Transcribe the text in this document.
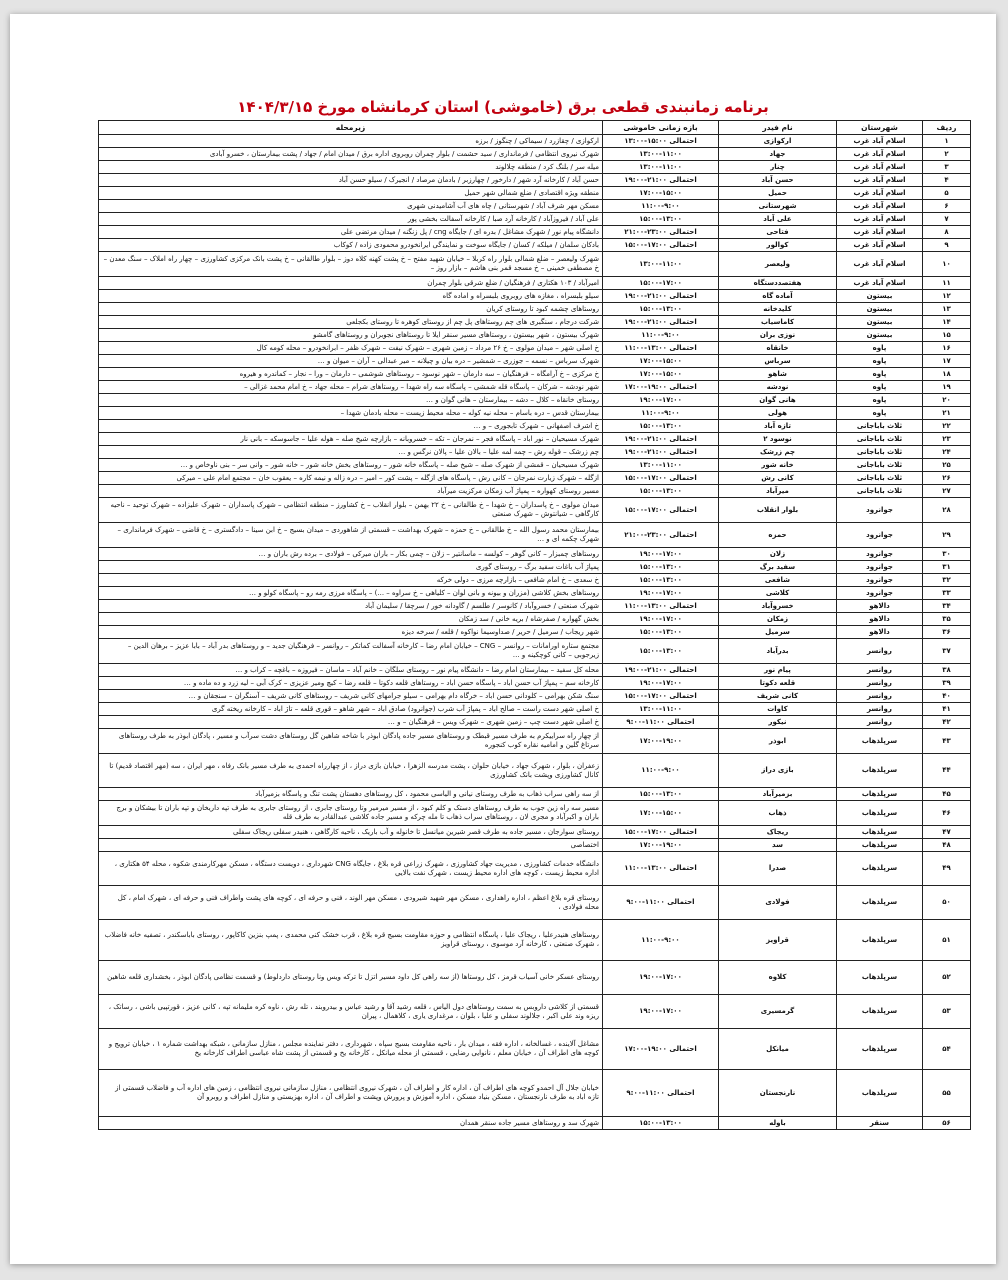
برنامه زمانبندی قطعی برق (خاموشی) استان کرمانشاه مورخ ۱۴۰۴/۳/۱۵
ردیف	شهرستان	نام فیدر	بازه زمانی خاموشی	زیرمحله
۱	اسلام آباد غرب	ارکوازی	احتمالی ۱۵:۰۰-۱۳:۰۰	ارکوازی / چقازرد / سیماکی / چنگوز / برزه
۲	اسلام آباد غرب	جهاد	۱۳:۰۰-۱۱:۰۰	شهرک نیروی انتظامی / فرمانداری / سید حشمت / بلوار چمران روبروی اداره برق / میدان امام / جهاد / پشت بیمارستان ، خسرو آبادی
۳	اسلام آباد غرب	چنار	۱۳:۰۰-۱۱:۰۰	میله سر / بلنگ کرد / منطقه چلالوند
۴	اسلام آباد غرب	حسن آباد	احتمالی ۲۱:۰۰-۱۹:۰۰	حسن آباد / کارخانه آرد شهر / دارخور / چهارزبر / بادمان مرصاد / انجیرک / سیلو حسن آباد
۵	اسلام آباد غرب	حمیل	۱۷:۰۰-۱۵:۰۰	منطقه ویژه اقتصادی / ضلع شمالی شهر حمیل
۶	اسلام آباد غرب	شهرستانی	۱۱:۰۰-۹:۰۰	مسکن مهر شرف آباد / شهرستانی / چاه های آب آشامیدنی شهری
۷	اسلام آباد غرب	علی آباد	۱۵:۰۰-۱۳:۰۰	علی آباد / فیروزآباد / کارخانه آرد صبا / کارخانه آسفالت بخشی پور
۸	اسلام آباد غرب	فتاحی	احتمالی ۲۳:۰۰-۲۱:۰۰	دانشگاه پیام نور / شهرک مشاغل / بدره ای / جایگاه cng / پل زنگنه / میدان مرتضی علی
۹	اسلام آباد غرب	کوالور	احتمالی ۱۷:۰۰-۱۵:۰۰	بادکان سلمان / میلکه / کسان / جایگاه سوخت و نمایندگی ایرانخودرو محمودی زاده / کوکاب
۱۰	اسلام آباد غرب	ولیعصر	۱۳:۰۰-۱۱:۰۰	شهرک ولیعصر – ضلع شمالی بلوار راه کربلا – خیابان شهید مفتح – خ پشت کهنه کلاه دوز – بلوار طالقانی – خ پشت بانک مرکزی کشاورزی – چهار راه املاک – سنگ معدن – خ مصطفی خمینی – خ مسجد قمر بنی هاشم – بازار روز –
۱۱	اسلام آباد غرب	هفتصددستگاه	۱۵:۰۰-۱۷:۰۰	امیرآباد / ۱۰۳ هکتاری / فرهنگیان / ضلع شرقی بلوار چمران
۱۲	بیستون	آماده گاه	احتمالی ۲۱:۰۰-۱۹:۰۰	سیلو بلبسراه ، مغازه های روبروی بلبسراه و اماده گاه
۱۳	بیستون	کلیدخانه	۱۵:۰۰-۱۳:۰۰	روستاهای چشمه کبود تا روستای کریان
۱۴	بیستون	کاماسیاب	احتمالی ۲۱:۰۰-۱۹:۰۰	شرکت درجام ، سنگبری های چم روستاهای پل چم از روستای کوهره تا روستای بکجلعی
۱۵	بیستون	نوزی بران	۱۱:۰۰-۹:۰۰	شهرک بیستون ، شهر بیستون ، روستاهای مسیر سنقر ایلا تا روستاهای نجوبران و روستاهای گامشو
۱۶	پاوه	خانقاه	احتمالی ۱۳:۰۰-۱۱:۰۰	خ اصلی شهر – میدان مولوی – خ ۲۶ مرداد – زمین شهری – شهرک نیفت – شهرک ظفر – ابرانخودرو – محله کومه کال
۱۷	پاوه	سرباس	۱۷:۰۰-۱۵:۰۰	شهرک سرباس – نسمه – جوزری – شمشیر – دره بیان و چیلانه – میر عبدالی – آران – میوان و …
۱۸	پاوه	شاهو	۱۷:۰۰-۱۵:۰۰	خ مرکزی – خ آرامگاه – فرهنگیان – سه دارمان – شهر نوسود – روستاهای شوشمی – دارمان – ورا – نجار – کماندره و هیروه
۱۹	پاوه	نودشه	احتمالی ۱۹:۰۰-۱۷:۰۰	شهر نودشه – شرکان – پاسگاه قله شمشی – پاسگاه سه راه شهدا – روستاهای شرام – محله جهاد – خ امام محمد غزالی –
۲۰	پاوه	هانی گوان	۱۹:۰۰-۱۷:۰۰	روستای خانقاه – کلال – دشه – بیمارستان – هانی گوان و …
۲۱	پاوه	هولی	۱۱:۰۰-۹:۰۰	بیمارستان قدس – دره باسام – محله نیه کوله – محله محیط زیست – محله بادمان شهدا –
۲۲	ثلاث باباجانی	تازه آباد	۱۵:۰۰-۱۳:۰۰	خ اشرف اصفهانی – شهرک تابجوری – و …
۲۳	ثلاث باباجانی	نوسود ۲	احتمالی ۲۱:۰۰-۱۹:۰۰	شهرک مسیحیان – نور اباد – پاسگاه فجر – نمرجان – تکه – خسروبانه – بازارچه شیخ صله – هوله علیا – جاسوسکه – بانی نار
۲۴	ثلاث باباجانی	چم زرشک	احتمالی ۲۱:۰۰-۱۹:۰۰	چم زرشک – قوله رش – چمه لمه علیا – بالان علیا – پالان نرگس و …
۲۵	ثلاث باباجانی	خانه شور	۱۳:۰۰-۱۱:۰۰	شهرک مسیحیان – قمشی از شهرک صله – شیخ صله – پاسگاه خانه شور – روستاهای بخش خانه شور – خانه شور – وانی سر – بنی ناوخاص و …
۲۶	ثلاث باباجانی	کانی رش	احتمالی ۱۷:۰۰-۱۵:۰۰	ازگله – شهرک زیارت نمرجان – کانی رش – پاسگاه های ازگله – پشت کور – امیر – دره زاله و نیمه کاره – یعقوب خان – مجتمع امام علی – میرکی
۲۷	ثلاث باباجانی	میرآباد	۱۵:۰۰-۱۳:۰۰	مسیر روستای کهواره – پمپاژ آب زمکان مرکزیت میرآباد
۲۸	جوانرود	بلوار انقلاب	احتمالی ۱۷:۰۰-۱۵:۰۰	میدان مولوی – خ پاسداران – خ شهدا – خ طالقانی – خ ۲۲ بهمن – بلوار انقلاب – خ کشاورز – منطقه انتظامی – شهرک پاسداران – شهرک علیزاده – شهرک توحید – ناحیه کارگاهی – شیانتوش – شهرک صنعتی
۲۹	جوانرود	حمزه	احتمالی ۲۳:۰۰-۲۱:۰۰	بیمارستان محمد رسول الله – خ طالقانی – خ حمزه – شهرک بهداشت – قسمتی از شاهوردی – میدان بسیج – خ ابن سینا – دادگستری – خ قاضی – شهرک فرمانداری – شهرک چکمه ای و …
۳۰	جوانرود	زلان	۱۹:۰۰-۱۷:۰۰	روستاهای چمبزار – کانی گوهر – کولسه – ماسانتیر – زلان – چمی بکار – باران میرکی – فولادی – برده رش باران و …
۳۱	جوانرود	سفید برگ	۱۵:۰۰-۱۳:۰۰	پمپاژ آب باغات سفید برگ – روستای گوری
۳۲	جوانرود	شافعی	۱۵:۰۰-۱۳:۰۰	خ سعدی – خ امام شافعی – بازارچه مرزی – دولی خرکه
۳۳	جوانرود	کلاشی	۱۹:۰۰-۱۷:۰۰	روستاهای بخش کلاشی (مزران و بیونه و بانی لوان – کلیاهی – خ سراوه – ...) – پاسگاه مرزی رمه رو – پاسگاه کولو و …
۳۴	دالاهو	خسروآباد	احتمالی ۱۳:۰۰-۱۱:۰۰	شهرک صنعتی / خسروآباد / کانوسر / طلسم / گاودانه خور / سرچقا / سلیمان آباد
۳۵	دالاهو	زمکان	۱۹:۰۰-۱۷:۰۰	بخش گهواره / صفرشاه / بریه خانی / سد زمکان
۳۶	دالاهو	سرمیل	۱۵:۰۰-۱۳:۰۰	شهر ریجاب / سرمیل / حریر / صداوسیما نواکوه / قلعه / سرخه دیزه
۳۷	روانسر	بدرآباد	۱۵:۰۰-۱۳:۰۰	مجتمع ستاره اورامانات – روانسر – CNG – خیابان امام رضا – کارخانه آسفالت کماتکر – روانسر – فرهنگیان جدید – و روستاهای بدر آباد – بابا عزیز – برهان الدین – زیرجوبی – کانی کوچکینه و …
۳۸	روانسر	پیام نور	احتمالی ۲۱:۰۰-۱۹:۰۰	محله کل سفید – بیمارستان امام رضا – دانشگاه پیام نور – روستای سلگان – خانم آباد – ماسان – فیروزه – باغچه – کراب و …
۳۹	روانسر	قلعه دکوتا	۱۹:۰۰-۱۷:۰۰	کارخانه سم – پمپاژ آب حسن اباد – پاسگاه حسن اباد – روستاهای قلعه دکوتا – قلعه رضا – کیچ ومیر عزیزی – کرک آبی – لیه زرد و ده ماده و …
۴۰	روانسر	کانی شریف	احتمالی ۱۷:۰۰-۱۵:۰۰	سنگ شکن بهرامی – کلودانی حسن اباد – خرگاه دام بهرامی – سیلو جرامهای کانی شریف – روستاهای کانی شریف – آسنگران – سنجقان و …
۴۱	روانسر	کاوات	۱۳:۰۰-۱۱:۰۰	خ اصلی شهر دست راست – صالح اباد – پمپاژ آب شرب (جوانرود) صادق اباد – شهر شاهو – قوری قلعه – تاژ اباد – کارخانه ریخته گری
۴۲	روانسر	نیکور	احتمالی ۱۱:۰۰-۹:۰۰	خ اصلی شهر دست چپ – زمین شهری – شهرک ویس – فرهنگیان – و …
۴۳	سرپلذهاب	ابوذر	۱۷:۰۰-۱۹:۰۰	از چهار راه سراییکرم به طرف مسیر قبطک و روستاهای مسیر جاده پادگان ابوذر با شاخه شاهین گل روستاهای دشت سرآب و مسیر ، پادگان ابوذر به طرف روستاهای سرتاغ گلین و امامیه نقاره کوب کنجوره
۴۴	سرپلذهاب	بازی دراز	۱۱:۰۰-۹:۰۰	زعفران ، بلوار ، شهرک جهاد ، خیابان حلوان ، پشت مدرسه الزهرا ، خیابان بازی دراز ، از چهارراه احمدی به طرف مسیر بانک رفاه ، مهر ایران ، سه (مهر اقتصاد قدیم) تا کانال کشاورزی وپشت بانک کشاورزی
۴۵	سرپلذهاب	بزمیرآباد	۱۵:۰۰-۱۳:۰۰	از سه راهی سراب ذهاب به طرف روستای نیانی و الیاسی محمود ، کل روستاهای دهستان پشت تنگ و پاسگاه بزمیرآباد
۴۶	سرپلذهاب	ذهاب	۱۷:۰۰-۱۵:۰۰	مسیر سه راه زین جوب به طرف روستاهای دستک و کلم کبود ، از مسیر میرمیر وتا روستای جابری ، از روستای جابری به طرف تپه داریخان و تپه باران تا بیشکان و برج باران و اکبرآباد و مجری لان ، روستاهای سراب ذهاب تا مله چرکه و مسیر جاده کلاشی عبدالقادر به طرف قله
۴۷	سرپلذهاب	ریجاک	احتمالی ۱۷:۰۰-۱۵:۰۰	روستای سوارجان ، مسیر جاده به طرف قصر شیرین میانسل تا خانوله و آب باریک ، ناحیه کارگاهی ، هنیدر سفلی ریجاک سفلی
۴۸	سرپلذهاب	سد	۱۷:۰۰-۱۹:۰۰	اختصاصی
۴۹	سرپلذهاب	صدرا	احتمالی ۱۳:۰۰-۱۱:۰۰	دانشگاه خدمات کشاورزی ، مدیریت جهاد کشاورزی ، شهرک زراعی قره بلاغ ، جایگاه CNG شهرداری ، دویست دستگاه ، مسکن مهرکارمندی شکوه ، محله ۵۴ هکتاری ، اداره محیط زیست ، کوچه های اداره محیط زیست ، شهرک نفت بالایی
۵۰	سرپلذهاب	فولادی	احتمالی ۱۱:۰۰-۹:۰۰	روستای قره بلاغ اعظم ، اداره راهداری ، مسکن مهر شهید شیرودی ، مسکن مهر الوند ، فنی و حرفه ای ، کوچه های پشت واطراف فنی و حرفه ای ، شهرک امام ، کل محله فولادی ،
۵۱	سرپلذهاب	قراویز	۱۱:۰۰-۹:۰۰	روستاهای هنیدرعلیا ، ریجاک علیا ، پاسگاه انتظامی و حوزه مقاومت بسیج قره بلاغ ، قرب خشک کنی محمدی ، پمپ بنزین کاکاپور ، روستای باباسکندر ، تصفیه خانه فاضلاب ، شهرک صنعتی ، کارخانه آرد موسوی ، روستای قراویز
۵۲	سرپلذهاب	کلاوه	۱۹:۰۰-۱۷:۰۰	روستای عسکر خانی آسیاب قرمز ، کل روستاها (از سه راهی کل داود مسیر اتزل تا ترکه ویس ونا روستای داردلوط) و قسمت نظامی پادگان ابوذر ، بخشداری قلعه شاهین
۵۳	سرپلذهاب	گرمسیری	۱۹:۰۰-۱۷:۰۰	قسمتی از کلاشی داروبس به سمت روستاهای دول الیاس ، قلعه رشید آقا و رشید عباس و بیدروبند ، تله رش ، ناوه کره ملیمانه تپه ، کانی عزیز ، قورتپیی باشی ، رساتک ، ریزه وند علی اکبر ، جلالوند سفلی و علیا ، بلوان ، مرغداری یاری ، کلاهمال ، پیران
۵۴	سرپلذهاب	میانکل	احتمالی ۱۹:۰۰-۱۷:۰۰	مشاغل آلاینده ، غسالخانه ، اداره فقه ، میدان بار ، ناحیه مقاومت بسیج سپاه ، شهرداری ، دفتر نماینده مجلس ، منازل سازمانی ، شبکه بهداشت شماره ۱ ، خیابان ترویج و کوچه های اطراف آن ، خیابان معلم ، نانوایی رضایی ، قسمتی از محله میانکل ، کارخانه یخ و قسمتی از پشت شاه عباسی اطراف کارخانه یخ
۵۵	سرپلذهاب	نارنجستان	احتمالی ۱۱:۰۰-۹:۰۰	خیابان جلال آل احمدو کوچه های اطراف آن ، اداره کار و اطراف آن ، شهرک نیروی انتظامی ، منازل سازمانی نیروی انتظامی ، زمین های اداره آب و فاضلاب قسمتی از تازه اباد به طرف نارنجستان ، مسکن بنیاد مسکن ، اداره آموزش و پرورش وپشت و اطراف آن ، اداره بهزیستی و منازل اطراف و روبرو آن
۵۶	سنقر	باوله	۱۵:۰۰-۱۳:۰۰	شهرک سد و روستاهای مسیر جاده سنقر همدان
